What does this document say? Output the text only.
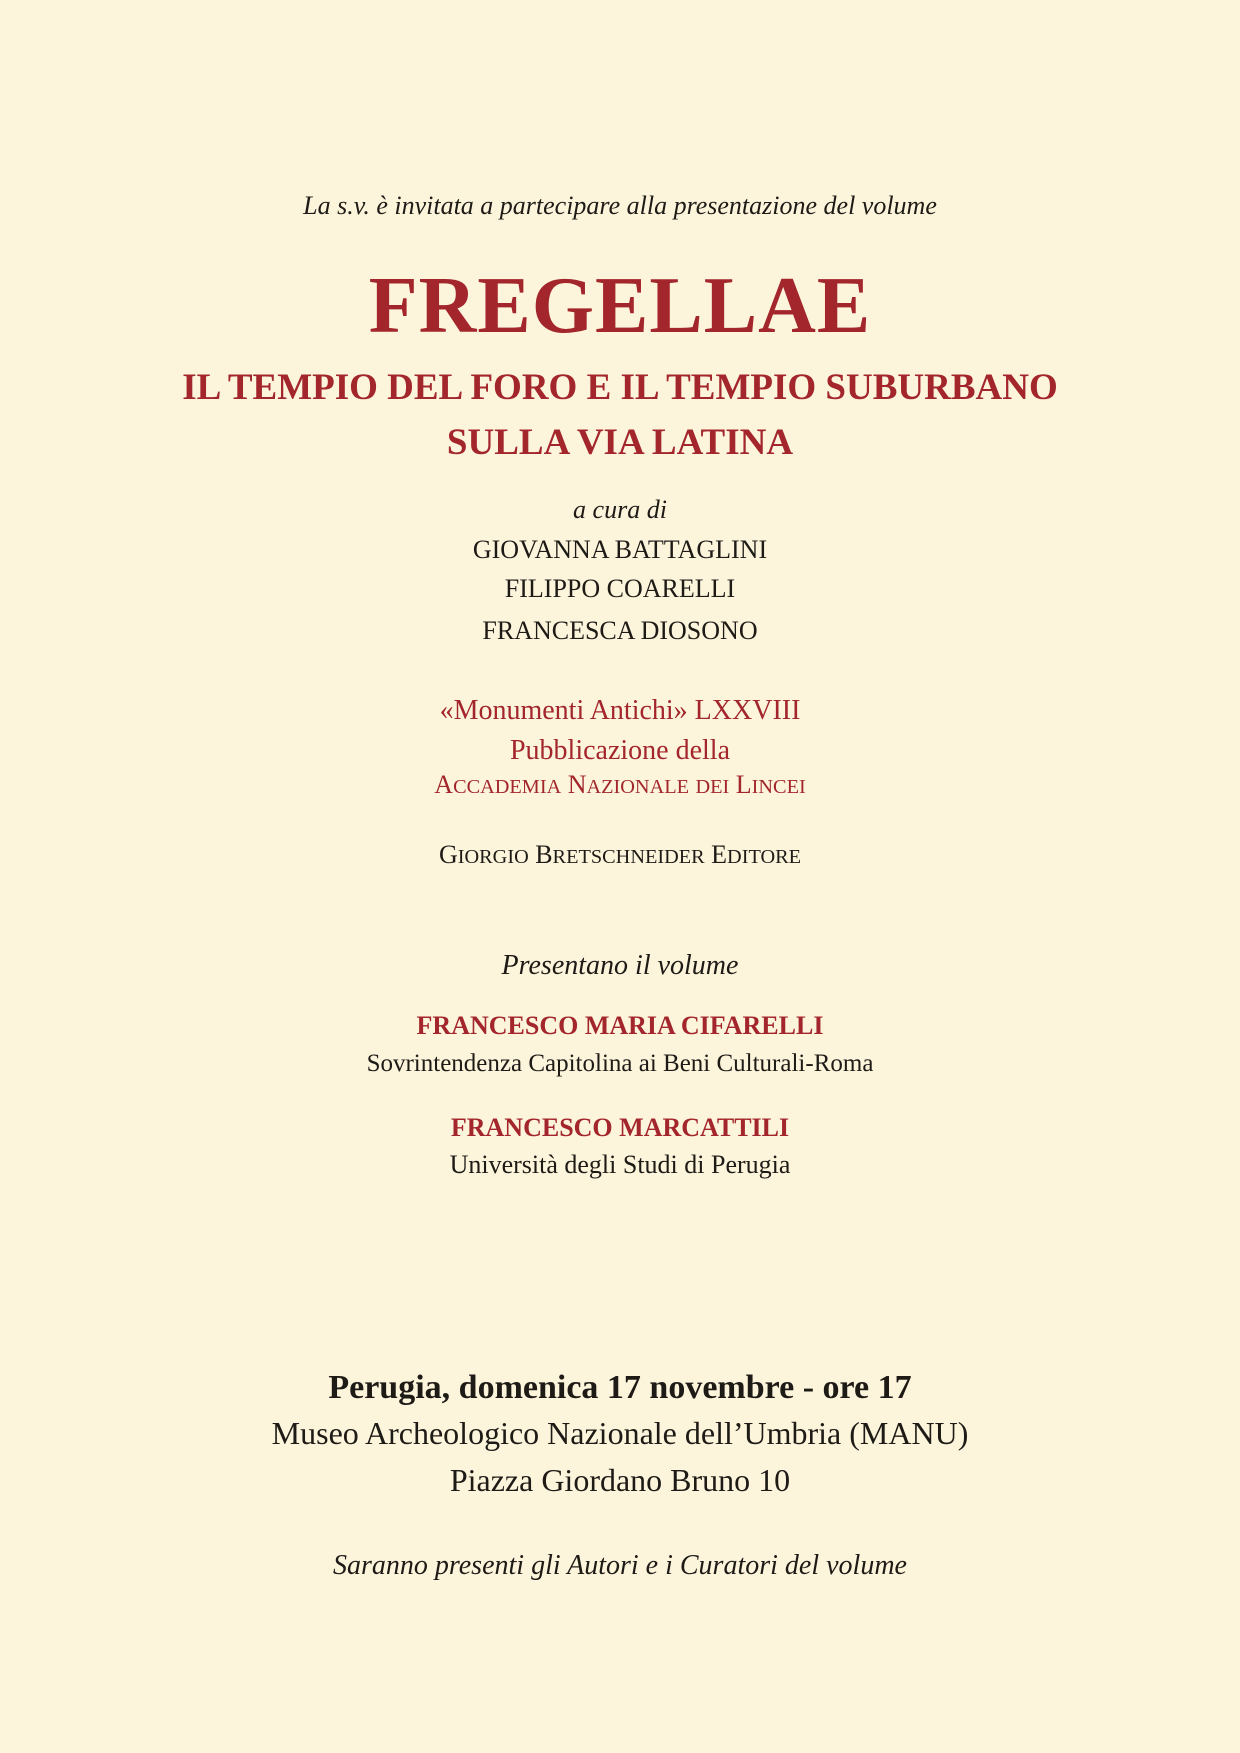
La s.v. è invitata a partecipare alla presentazione del volume
FREGELLAE
IL TEMPIO DEL FORO E IL TEMPIO SUBURBANO
SULLA VIA LATINA
a cura di
GIOVANNA BATTAGLINI
FILIPPO COARELLI
FRANCESCA DIOSONO
«Monumenti Antichi» LXXVIII
Pubblicazione della
ACCADEMIA NAZIONALE DEI LINCEI
GIORGIO BRETSCHNEIDER EDITORE
Presentano il volume
FRANCESCO MARIA CIFARELLI
Sovrintendenza Capitolina ai Beni Culturali-Roma
FRANCESCO MARCATTILI
Università degli Studi di Perugia
Perugia, domenica 17 novembre - ore 17
Museo Archeologico Nazionale dell’Umbria (MANU)
Piazza Giordano Bruno 10
Saranno presenti gli Autori e i Curatori del volume
